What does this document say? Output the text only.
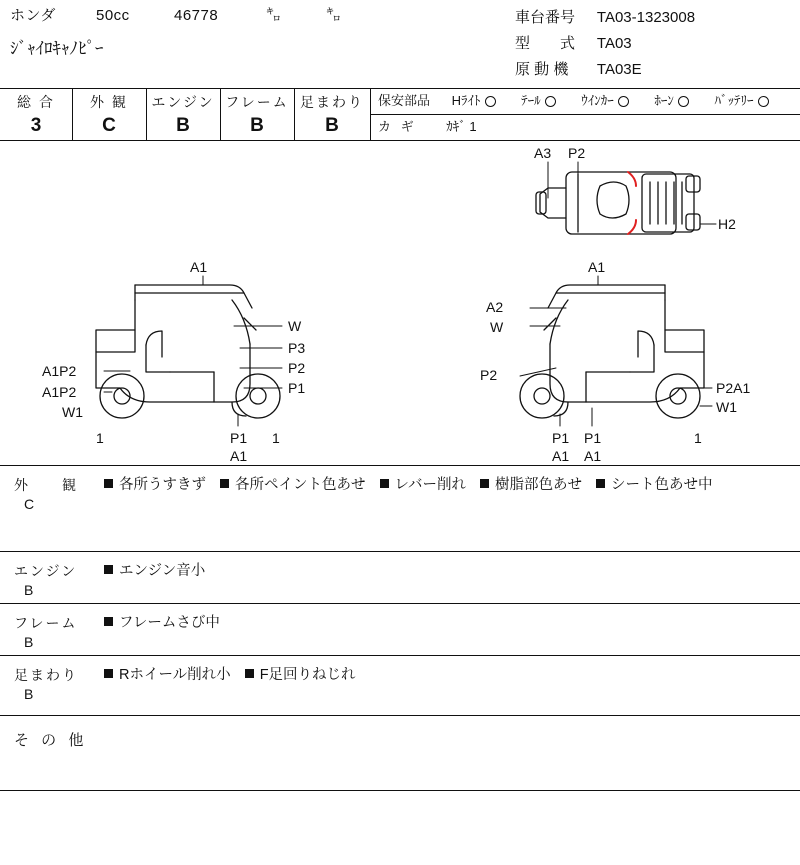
ホンダ	50cc	46778	㌔	㌔
ｼﾞｬｲﾛｷｬﾉﾋﾟｰ
車台番号 TA03-1323008
型　　式 TA03
原 動 機 TA03E
総 合
3
外 観
C
エンジン
B
フレーム
B
足まわり
B
保安部品 Hﾗｲﾄ	ﾃｰﾙ	ｳｲﾝｶｰ	ﾎｰﾝ	ﾊﾞｯﾃﾘｰ
カ ギ ｶｷﾞ 1
A3 P2
H2
A1
W
P3
P2
P1
A1P2
A1P2
W1
1	P1
A1
1
A1
A2
W
P2
P2A1
W1
1
P1
A1
P1
A1
外　　観
C
各所うすきず 各所ペイント色あせ レバー削れ 樹脂部色あせ シート色あせ中
エンジン
B
エンジン音小
フレーム
B
フレームさび中
足まわり
B
Rホイール削れ小 F足回りねじれ
そ の 他
